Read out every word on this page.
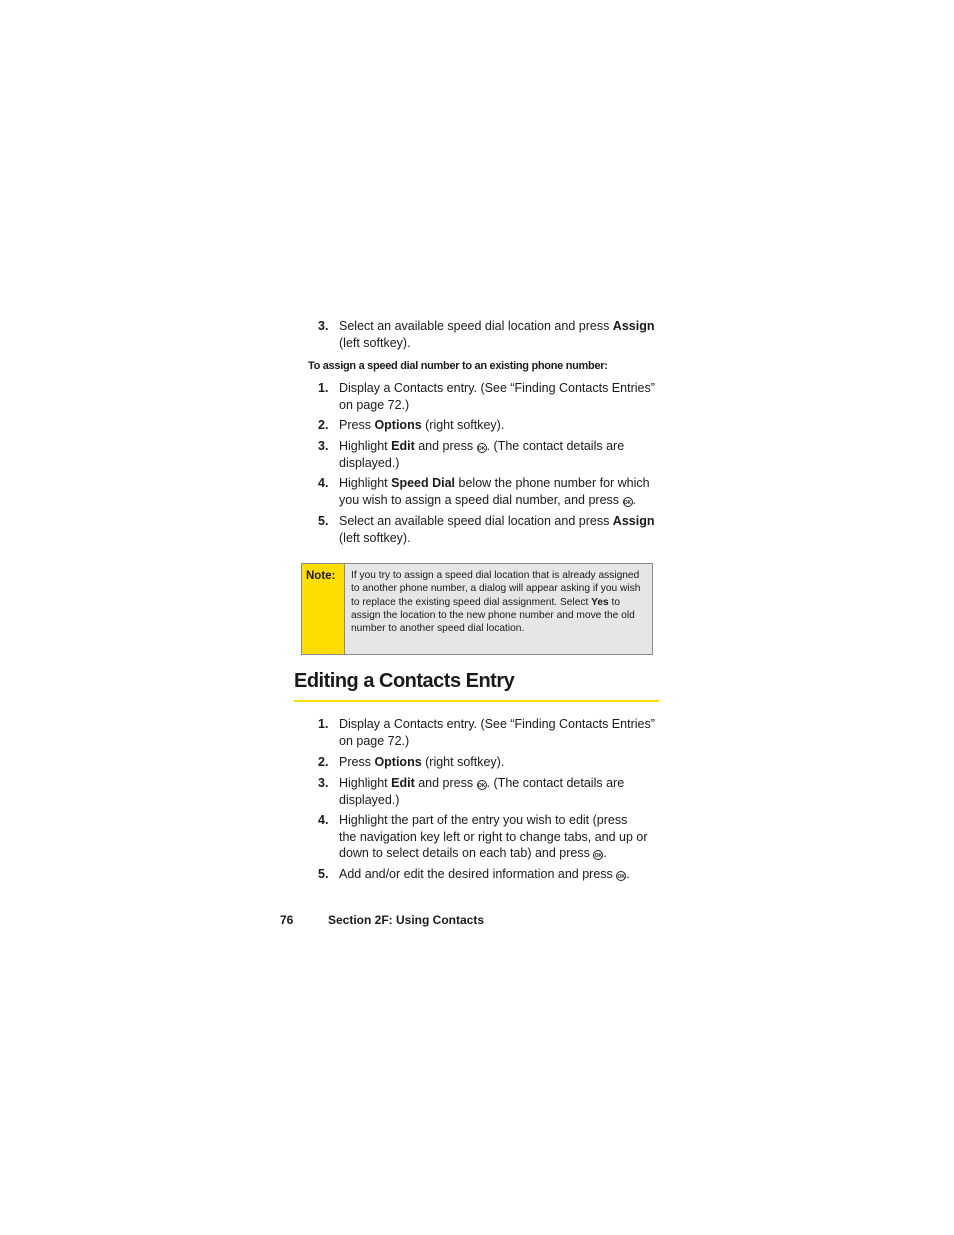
3. Select an available speed dial location and press Assign
(left softkey).
To assign a speed dial number to an existing phone number:
1. Display a Contacts entry. (See “Finding Contacts Entries”
on page 72.)
2. Press Options (right softkey).
3. Highlight Edit and press OK. (The contact details are
displayed.)
4. Highlight Speed Dial below the phone number for which
you wish to assign a speed dial number, and press OK.
5. Select an available speed dial location and press Assign
(left softkey).
Note: If you try to assign a speed dial location that is already assigned to another phone number, a dialog will appear asking if you wish to replace the existing speed dial assignment. Select Yes to assign the location to the new phone number and move the old number to another speed dial location.
Editing a Contacts Entry
1. Display a Contacts entry. (See “Finding Contacts Entries”
on page 72.)
2. Press Options (right softkey).
3. Highlight Edit and press OK. (The contact details are
displayed.)
4. Highlight the part of the entry you wish to edit (press
the navigation key left or right to change tabs, and up or
down to select details on each tab) and press OK.
5. Add and/or edit the desired information and press OK.
76	Section 2F: Using Contacts
